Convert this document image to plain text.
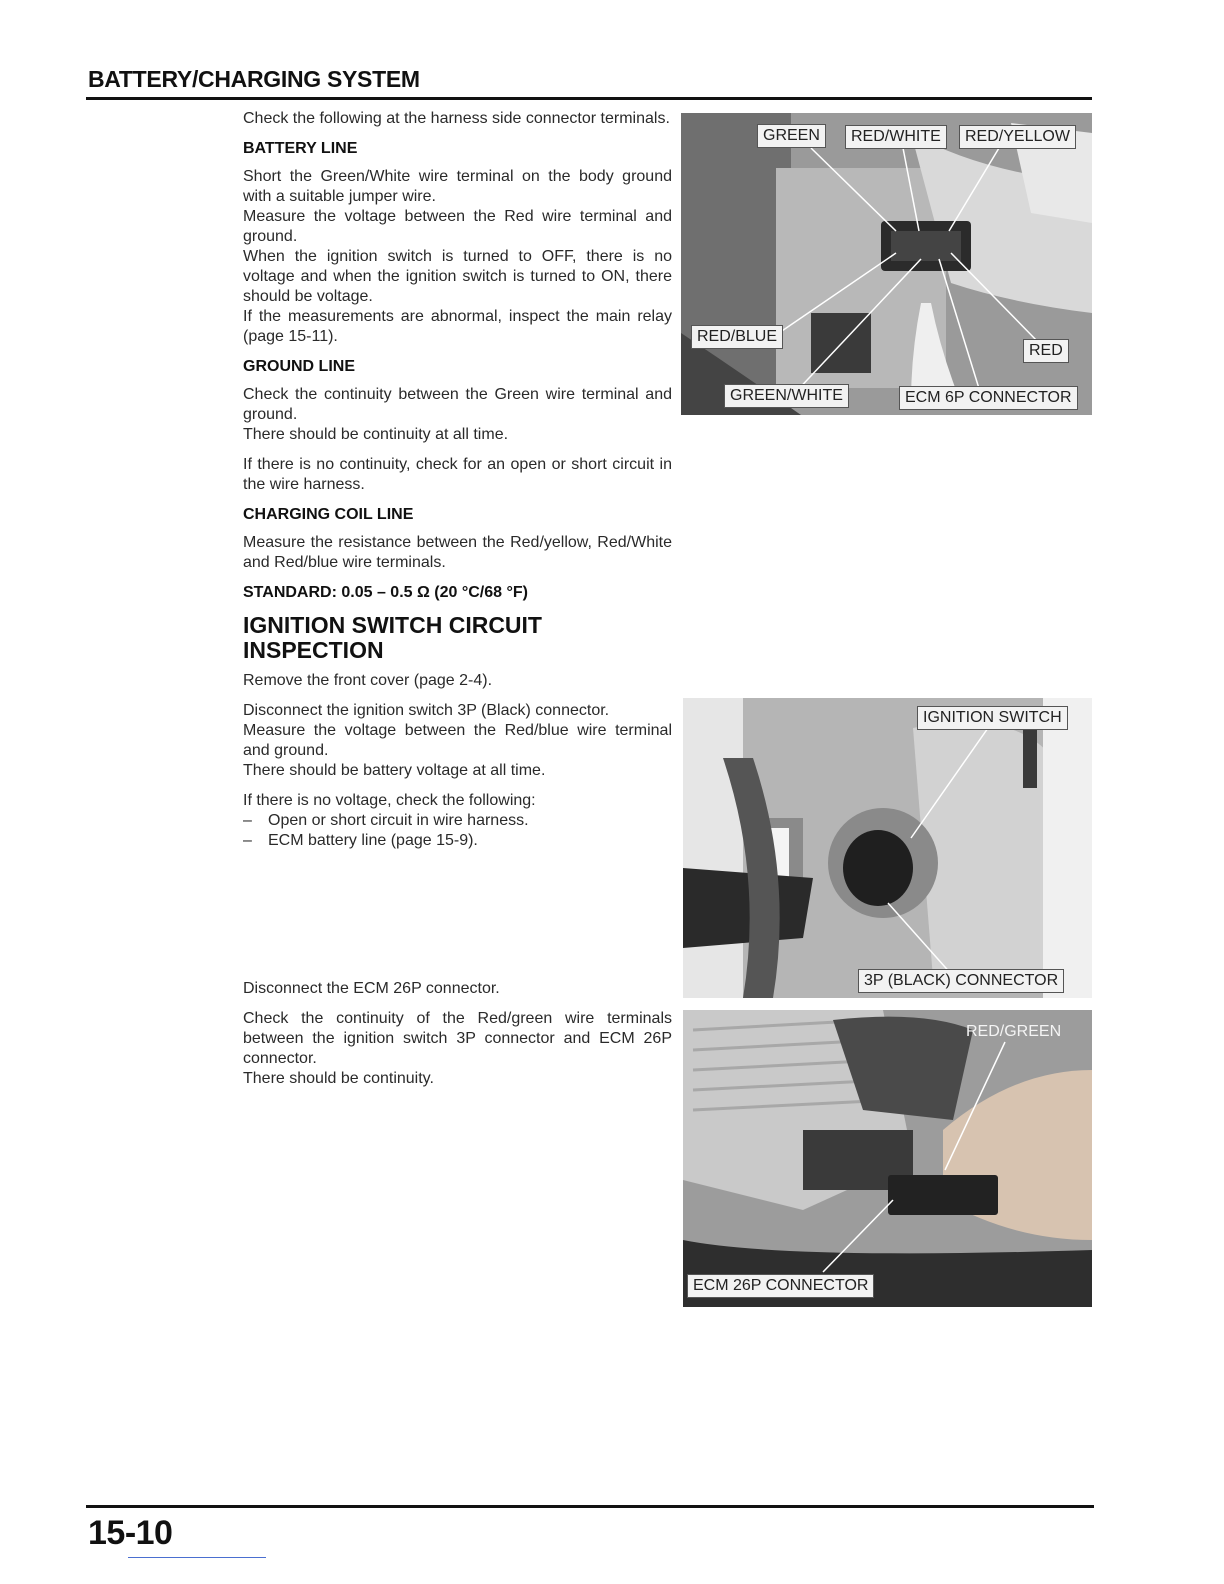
BATTERY/CHARGING SYSTEM

Check the following at the harness side connector terminals.

BATTERY LINE

Short the Green/White wire terminal on the body ground with a suitable jumper wire.

Measure the voltage between the Red wire terminal and ground.

When the ignition switch is turned to OFF, there is no voltage and when the ignition switch is turned to ON, there should be voltage.

If the measurements are abnormal, inspect the main relay (page 15-11).

GROUND LINE

Check the continuity between the Green wire terminal and ground.

There should be continuity at all time.

If there is no continuity, check for an open or short circuit in the wire harness.

CHARGING COIL LINE

Measure the resistance between the Red/yellow, Red/White and Red/blue wire terminals.

STANDARD: 0.05 – 0.5 Ω (20 °C/68 °F)
IGNITION SWITCH CIRCUIT INSPECTION

Remove the front cover (page 2-4).

Disconnect the ignition switch 3P (Black) connector.

Measure the voltage between the Red/blue wire terminal and ground.

There should be battery voltage at all time.

If there is no voltage, check the following:

– Open or short circuit in wire harness.
– ECM battery line (page 15-9).

Disconnect the ECM 26P connector.

Check the continuity of the Red/green wire terminals between the ignition switch 3P connector and ECM 26P connector.

There should be continuity.

GREEN	RED/WHITE	RED/YELLOW
RED/BLUE
RED
GREEN/WHITE	ECM 6P CONNECTOR
IGNITION SWITCH
3P (BLACK) CONNECTOR
RED/GREEN
ECM 26P CONNECTOR
15-10
